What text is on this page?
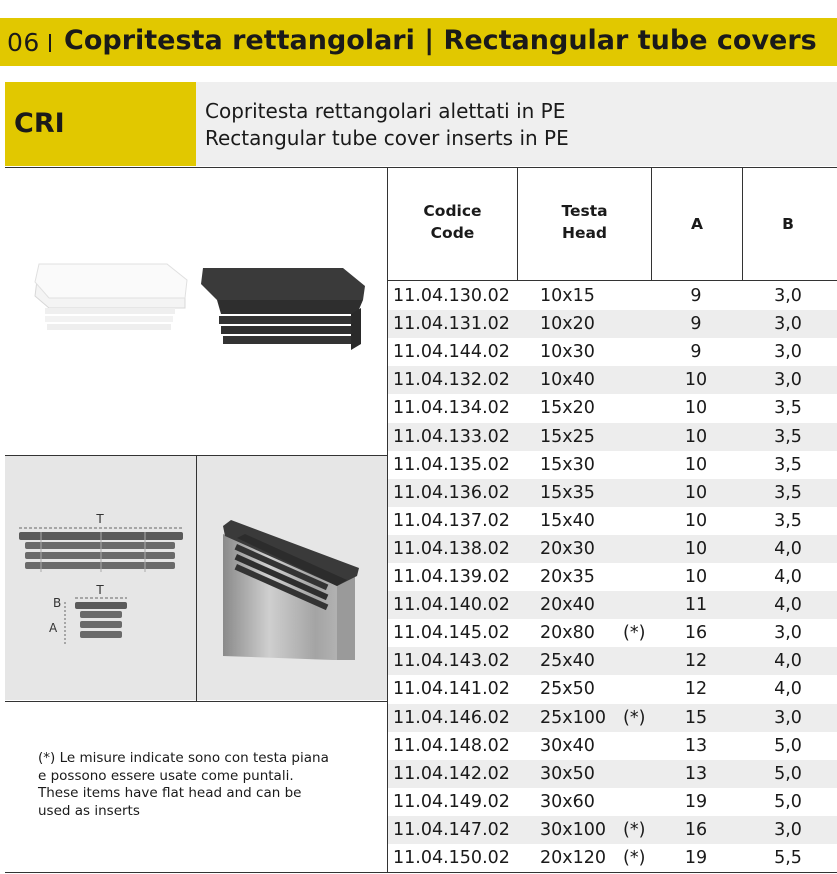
06 Copritesta rettangolari | Rectangular tube covers
CRI	Copritesta rettangolari alettati in PE
Rectangular tube cover inserts in PE
T
T
B
A
Codice
Code
Testa
Head	A	B
11.04.130.02 10x15	9	3,0
11.04.131.02 10x20	9	3,0
11.04.144.02 10x30	9	3,0
11.04.132.02 10x40	10	3,0
11.04.134.02 15x20	10	3,5
11.04.133.02 15x25	10	3,5
11.04.135.02 15x30	10	3,5
11.04.136.02 15x35	10	3,5
11.04.137.02 15x40	10	3,5
11.04.138.02 20x30	10	4,0
11.04.139.02 20x35	10	4,0
11.04.140.02 20x40	11	4,0
11.04.145.02 20x80 (*)	16	3,0
11.04.143.02 25x40	12	4,0
11.04.141.02 25x50	12	4,0
11.04.146.02 25x100 (*)	15	3,0
11.04.148.02 30x40	13	5,0
11.04.142.02 30x50	13	5,0
11.04.149.02 30x60	19	5,0
11.04.147.02 30x100 (*)	16	3,0
11.04.150.02 20x120 (*)	19	5,5
(*) Le misure indicate sono con testa piana
e possono essere usate come puntali.
These items have flat head and can be
used as inserts
